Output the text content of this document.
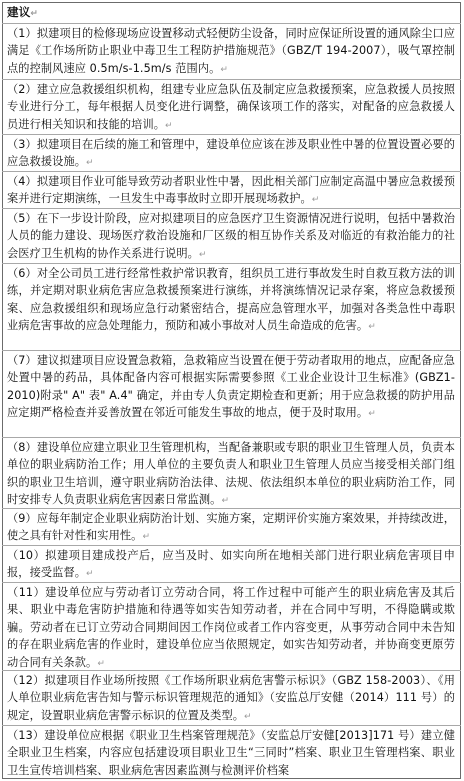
建议↵
（1）拟建项目的检修现场应设置移动式轻便防尘设备，同时应保证所设置的通风除尘口应满足《工作场所防止职业中毒卫生工程防护措施规范》（GBZ/T 194-2007），吸气罩控制点的控制风速应 0.5m/s-1.5m/s 范围内。↵
（2）建立应急救援组织机构，组建专业应急队伍及制定应急救援预案，应急救援人员按照专业进行分工，每年根据人员变化进行调整，确保该项工作的落实，对配备的应急救援人员进行相关知识和技能的培训。↵
（3）拟建项目在后续的施工和管理中，建设单位应该在涉及职业性中暑的位置设置必要的应急救援设施。↵
（4）拟建项目作业可能导致劳动者职业性中暑，因此相关部门应制定高温中暑应急救援预案并进行定期演练，一旦发生中毒事故时立即开展现场救护。↵
（5）在下一步设计阶段，应对拟建项目的应急医疗卫生资源情况进行说明，包括中暑救治人员的能力建设、现场医疗救治设施和厂区级的相互协作关系及对临近的有救治能力的社会医疗卫生机构的协作关系进行说明。↵
（6）对全公司员工进行经常性救护常识教育，组织员工进行事故发生时自救互救方法的训练，并定期对职业病危害应急救援预案进行演练，并将演练情况记录存案，将应急救援预案、应急救援组织和现场应急行动紧密结合，提高应急管理水平，加强对各类急性中毒职业病危害事故的应急处理能力，预防和减小事故对人员生命造成的危害。↵
（7）建议拟建项目应设置急救箱，急救箱应当设置在便于劳动者取用的地点，应配备应急处置中暑的药品，具体配备内容可根据实际需要参照《工业企业设计卫生标准》(GBZ1-2010)附录" A" 表" A.4" 确定，并由专人负责定期检查和更新；用于应急救援的防护用品应定期严格检查并妥善放置在邻近可能发生事故的地点，便于及时取用。↵
（8）建设单位应建立职业卫生管理机构，当配备兼职或专职的职业卫生管理人员，负责本单位的职业病防治工作；用人单位的主要负责人和职业卫生管理人员应当接受相关部门组织的职业卫生培训，遵守职业病防治法律、法规、依法组织本单位的职业病防治工作，同时安排专人负责职业病危害因素日常监测。↵
（9）应每年制定企业职业病防治计划、实施方案，定期评价实施方案效果，并持续改进，使之具有针对性和实用性。↵
（10）拟建项目建成投产后，应当及时、如实向所在地相关部门进行职业病危害项目申报，接受监督。↵
（11）建设单位应与劳动者订立劳动合同，将工作过程中可能产生的职业病危害及其后果、职业中毒危害防护措施和待遇等如实告知劳动者，并在合同中写明，不得隐瞒或欺骗。劳动者在已订立劳动合同期间因工作岗位或者工作内容变更，从事劳动合同中未告知的存在职业病危害的作业时，建设单位应当依照规定，如实告知劳动者，并协商变更原劳动合同有关条款。↵
（12）拟建项目作业场所按照《工作场所职业病危害警示标识》（GBZ 158-2003）、《用人单位职业病危害告知与警示标识管理规范的通知》（安监总厅安健（2014）111 号）的规定，设置职业病危害警示标识的位置及类型。↵
（13）建设单位应根据《职业卫生档案管理规范》（安监总厅安健[2013]171 号）建立健全职业卫生档案，内容应包括建设项目职业卫生“三同时”档案、职业卫生管理档案、职业卫生宣传培训档案、职业病危害因素监测与检测评价档案
